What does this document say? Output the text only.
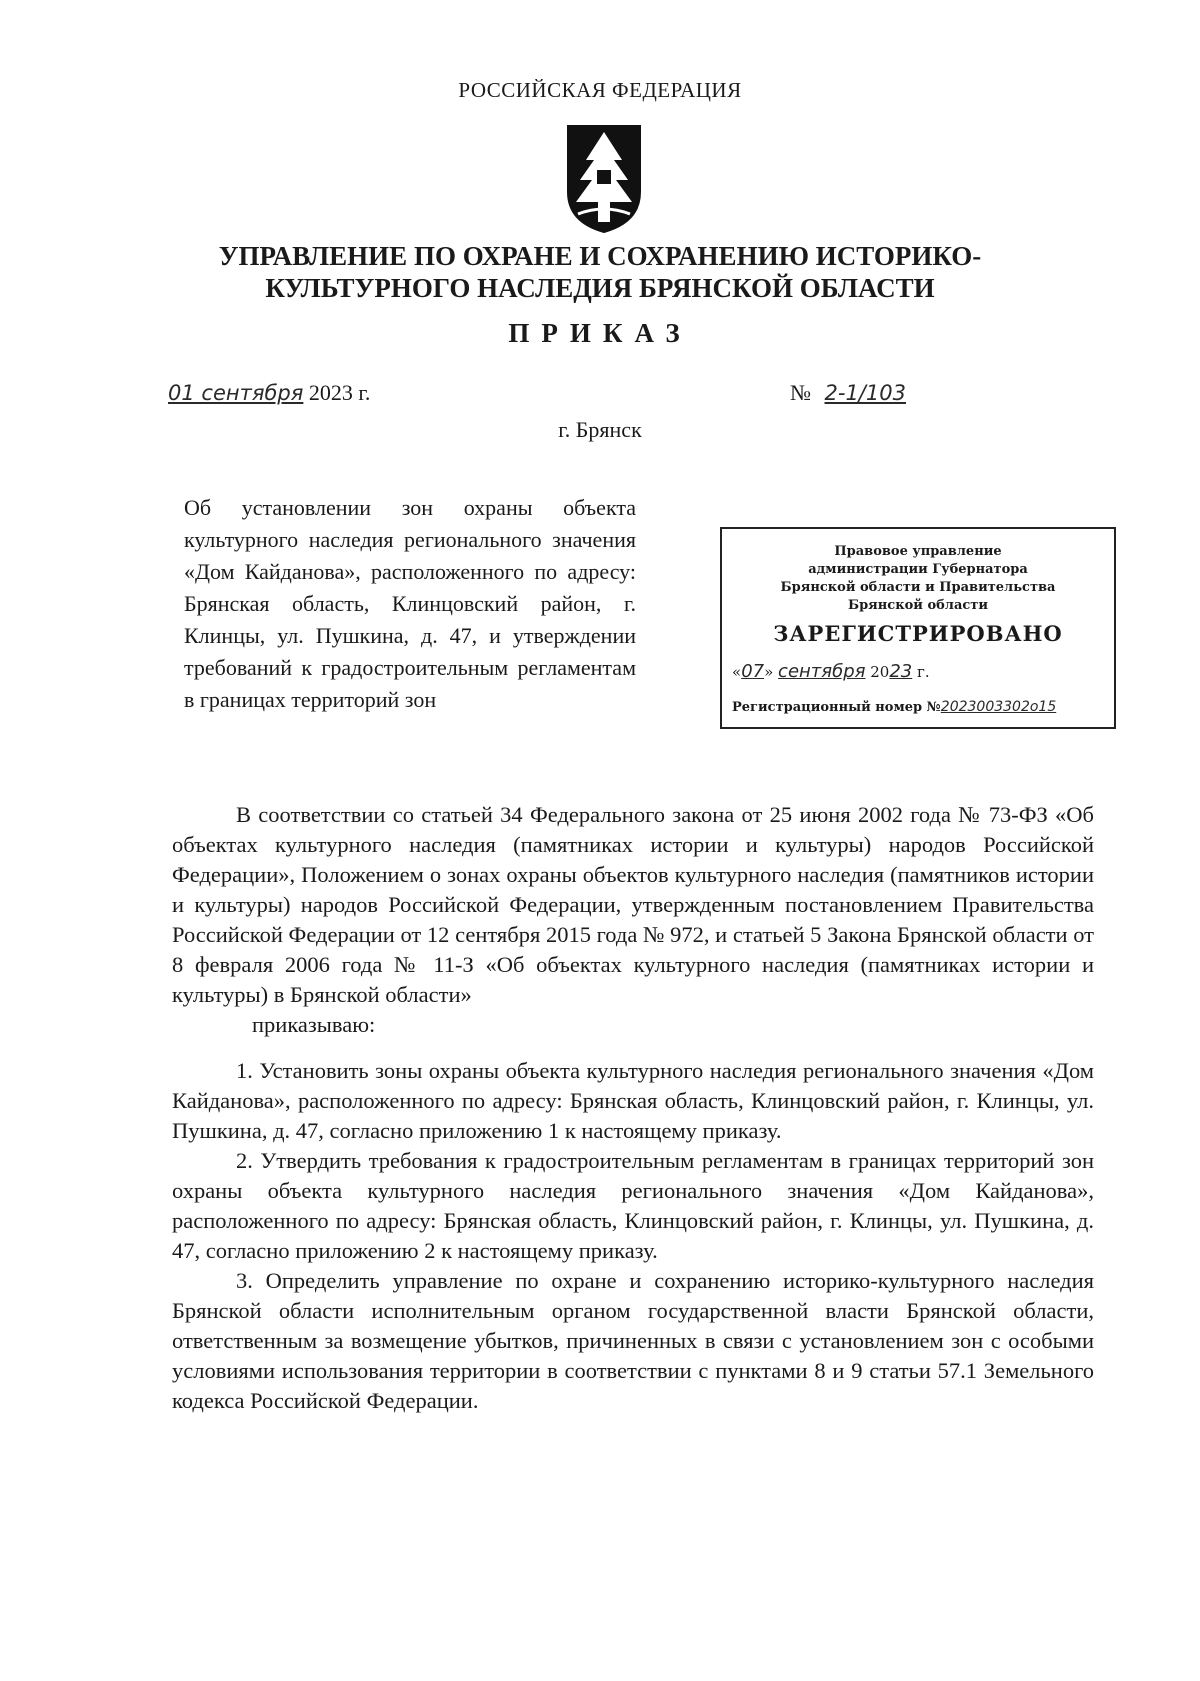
РОССИЙСКАЯ ФЕДЕРАЦИЯ
УПРАВЛЕНИЕ ПО ОХРАНЕ И СОХРАНЕНИЮ ИСТОРИКО-
КУЛЬТУРНОГО НАСЛЕДИЯ БРЯНСКОЙ ОБЛАСТИ
ПРИКАЗ
01 сентября 2023 г.	№ 2-1/103
г. Брянск

Об установлении зон охраны объекта культурного наследия регионального значения «Дом Кайданова», расположенного по адресу: Брянская область, Клинцовский район, г. Клинцы, ул. Пушкина, д. 47, и утверждении требований к градостроительным регламентам в границах территорий зон

Правовое управление
администрации Губернатора
Брянской области и Правительства
Брянской области
ЗАРЕГИСТРИРОВАНО
«07» сентября 2023 г.
Регистрационный номер №2023003302o15

В соответствии со статьей 34 Федерального закона от 25 июня 2002 года № 73-ФЗ «Об объектах культурного наследия (памятниках истории и культуры) народов Российской Федерации», Положением о зонах охраны объектов культурного наследия (памятников истории и культуры) народов Российской Федерации, утвержденным постановлением Правительства Российской Федерации от 12 сентября 2015 года № 972, и статьей 5 Закона Брянской области от 8 февраля 2006 года № 11-З «Об объектах культурного наследия (памятниках истории и культуры) в Брянской области»

приказываю:

1. Установить зоны охраны объекта культурного наследия регионального значения «Дом Кайданова», расположенного по адресу: Брянская область, Клинцовский район, г. Клинцы, ул. Пушкина, д. 47, согласно приложению 1 к настоящему приказу.

2. Утвердить требования к градостроительным регламентам в границах территорий зон охраны объекта культурного наследия регионального значения «Дом Кайданова», расположенного по адресу: Брянская область, Клинцовский район, г. Клинцы, ул. Пушкина, д. 47, согласно приложению 2 к настоящему приказу.

3. Определить управление по охране и сохранению историко-культурного наследия Брянской области исполнительным органом государственной власти Брянской области, ответственным за возмещение убытков, причиненных в связи с установлением зон с особыми условиями использования территории в соответствии с пунктами 8 и 9 статьи 57.1 Земельного кодекса Российской Федерации.
